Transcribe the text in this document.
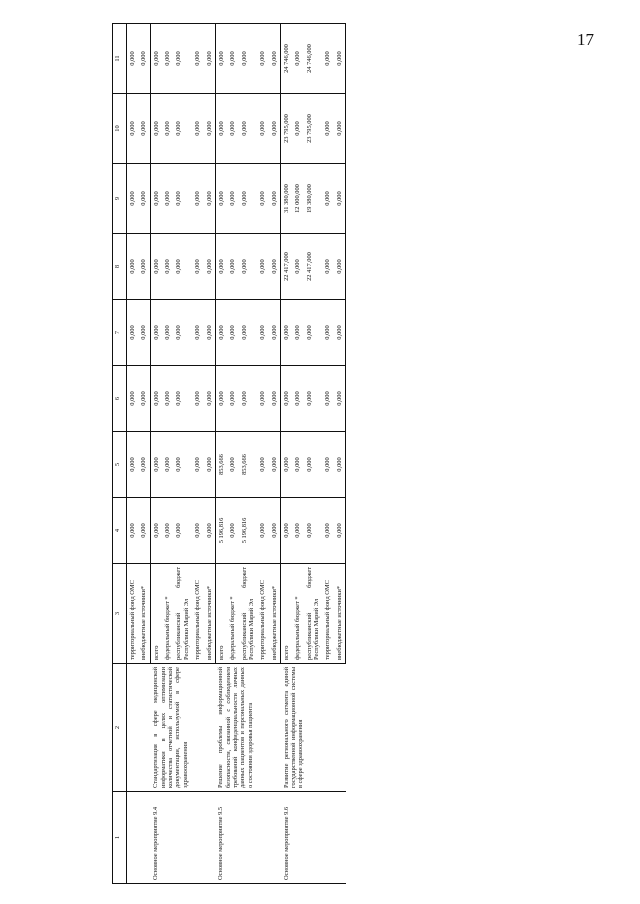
17
1	2	3	4	5	6	7	8	9	10	11
		территориальный фонд ОМС	0,000	0,000	0,000	0,000	0,000	0,000	0,000	0,000
		внебюджетные источники*	0,000	0,000	0,000	0,000	0,000	0,000	0,000	0,000
Основное мероприятие 9.4	Стандартизация в сфере медицинской информатики в целях оптимизации количества отчетной и статистической документации, используемой в сфере здравоохранения	всего	0,000	0,000	0,000	0,000	0,000	0,000	0,000	0,000
		федеральный бюджет *	0,000	0,000	0,000	0,000	0,000	0,000	0,000	0,000
		республиканский бюджет Республики Марий Эл	0,000	0,000	0,000	0,000	0,000	0,000	0,000	0,000
		территориальный фонд ОМС	0,000	0,000	0,000	0,000	0,000	0,000	0,000	0,000
		внебюджетные источники*	0,000	0,000	0,000	0,000	0,000	0,000	0,000	0,000
Основное мероприятие 9.5	Решение проблемы информационной безопасности, связанной с соблюдением требований конфиденциальности личных данных пациентов и персональных данных о состоянии здоровья пациента	всего	5 196,816	853,666	0,000	0,000	0,000	0,000	0,000	0,000
		федеральный бюджет *	0,000	0,000	0,000	0,000	0,000	0,000	0,000	0,000
		республиканский бюджет Республики Марий Эл	5 196,816	853,666	0,000	0,000	0,000	0,000	0,000	0,000
		территориальный фонд ОМС	0,000	0,000	0,000	0,000	0,000	0,000	0,000	0,000
		внебюджетные источники*	0,000	0,000	0,000	0,000	0,000	0,000	0,000	0,000
Основное мероприятие 9.6	Развитие регионального сегмента единой государственной информационной системы в сфере здравоохранения	всего	0,000	0,000	0,000	0,000	22 417,000	31 380,000	23 795,000	24 746,000
		федеральный бюджет *	0,000	0,000	0,000	0,000	0,000	12 000,000	0,000	0,000
		республиканский бюджет Республики Марий Эл	0,000	0,000	0,000	0,000	22 417,000	19 380,000	23 795,000	24 746,000
		территориальный фонд ОМС	0,000	0,000	0,000	0,000	0,000	0,000	0,000	0,000
		внебюджетные источники*	0,000	0,000	0,000	0,000	0,000	0,000	0,000	0,000
